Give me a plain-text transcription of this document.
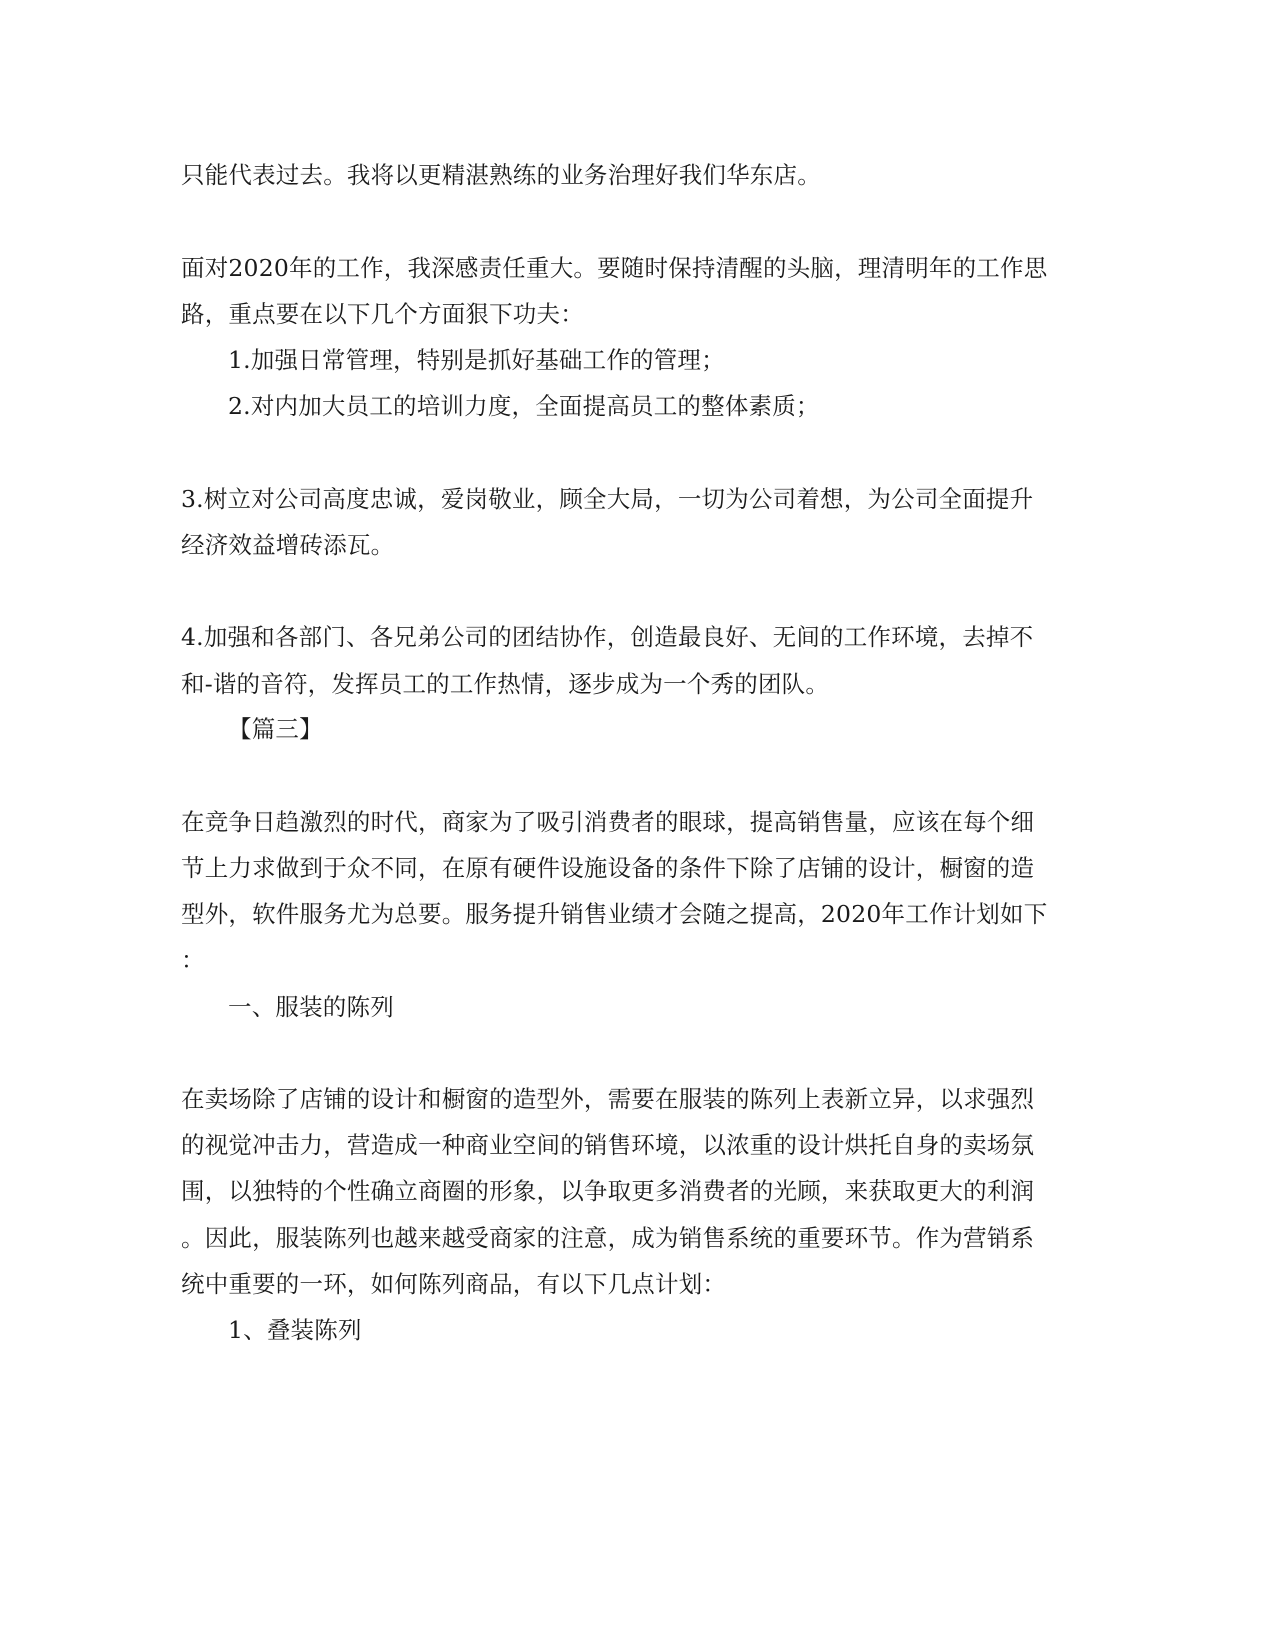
只能代表过去。我将以更精湛熟练的业务治理好我们华东店。
面对2020年的工作，我深感责任重大。要随时保持清醒的头脑，理清明年的工作思
路，重点要在以下几个方面狠下功夫：
1.加强日常管理，特别是抓好基础工作的管理；
2.对内加大员工的培训力度，全面提高员工的整体素质；
3.树立对公司高度忠诚，爱岗敬业，顾全大局，一切为公司着想，为公司全面提升
经济效益增砖添瓦。
4.加强和各部门、各兄弟公司的团结协作，创造最良好、无间的工作环境，去掉不
和-谐的音符，发挥员工的工作热情，逐步成为一个秀的团队。
【篇三】
在竞争日趋激烈的时代，商家为了吸引消费者的眼球，提高销售量，应该在每个细
节上力求做到于众不同，在原有硬件设施设备的条件下除了店铺的设计，橱窗的造
型外，软件服务尤为总要。服务提升销售业绩才会随之提高，2020年工作计划如下
：
一、服装的陈列
在卖场除了店铺的设计和橱窗的造型外，需要在服装的陈列上表新立异，以求强烈
的视觉冲击力，营造成一种商业空间的销售环境，以浓重的设计烘托自身的卖场氛
围，以独特的个性确立商圈的形象，以争取更多消费者的光顾，来获取更大的利润
。因此，服装陈列也越来越受商家的注意，成为销售系统的重要环节。作为营销系
统中重要的一环，如何陈列商品，有以下几点计划：
1、叠装陈列
